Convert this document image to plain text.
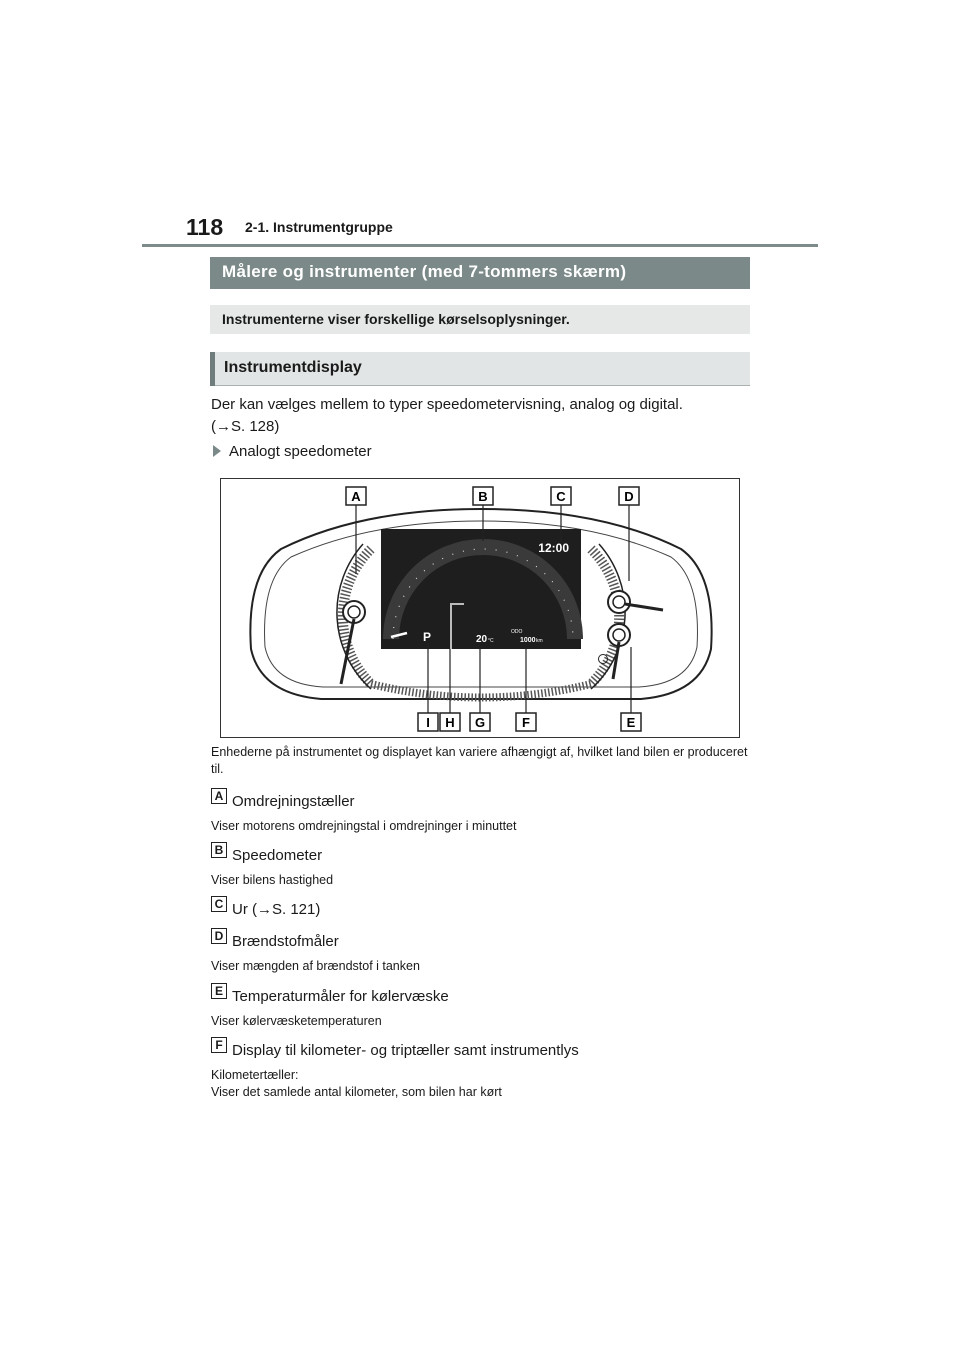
118 2-1. Instrumentgruppe
Målere og instrumenter (med 7-tommers skærm)
Instrumenterne viser forskellige kørselsoplysninger.
Instrumentdisplay
Der kan vælges mellem to typer speedometervisning, analog og digital.
(→S. 128)
Analogt speedometer
12:00
P	20 °C
ODO
1000 km
A	B	C	D
I H G	F	E
Enhederne på instrumentet og displayet kan variere afhængigt af, hvilket land bilen er produceret til.
A Omdrejningstæller
Viser motorens omdrejningstal i omdrejninger i minuttet
B Speedometer
Viser bilens hastighed
C Ur (→S. 121)
D Brændstofmåler
Viser mængden af brændstof i tanken
E Temperaturmåler for kølervæske
Viser kølervæsketemperaturen
F Display til kilometer- og triptæller samt instrumentlys
Kilometertæller:
Viser det samlede antal kilometer, som bilen har kørt
